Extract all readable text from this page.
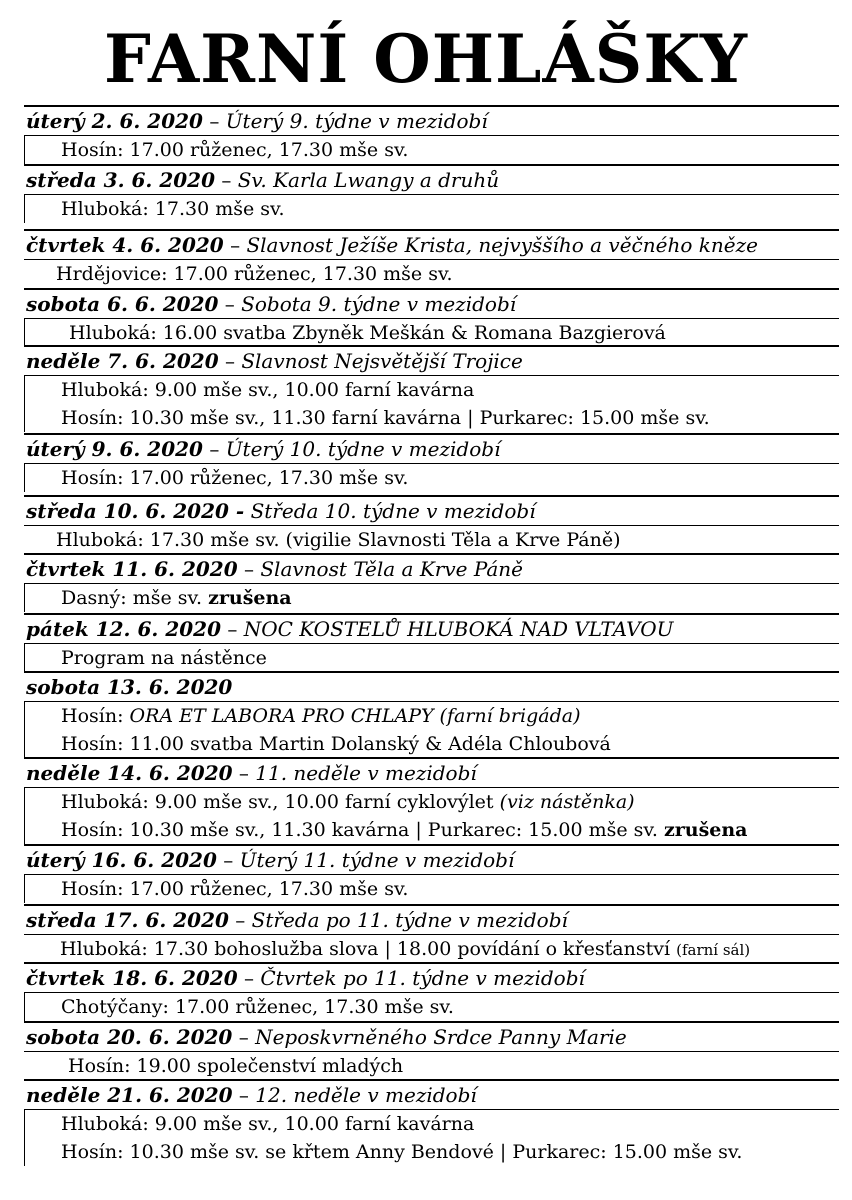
FARNÍ OHLÁŠKY
úterý 2. 6. 2020 – Úterý 9. týdne v mezidobí
Hosín: 17.00 růženec, 17.30 mše sv.
středa 3. 6. 2020 – Sv. Karla Lwangy a druhů
Hluboká: 17.30 mše sv.
čtvrtek 4. 6. 2020 – Slavnost Ježíše Krista, nejvyššího a věčného kněze
Hrdějovice: 17.00 růženec, 17.30 mše sv.
sobota 6. 6. 2020 – Sobota 9. týdne v mezidobí
Hluboká: 16.00 svatba Zbyněk Meškán & Romana Bazgierová
neděle 7. 6. 2020 – Slavnost Nejsvětější Trojice
Hluboká: 9.00 mše sv., 10.00 farní kavárna
Hosín: 10.30 mše sv., 11.30 farní kavárna | Purkarec: 15.00 mše sv.
úterý 9. 6. 2020 – Úterý 10. týdne v mezidobí
Hosín: 17.00 růženec, 17.30 mše sv.
středa 10. 6. 2020 - Středa 10. týdne v mezidobí
Hluboká: 17.30 mše sv. (vigilie Slavnosti Těla a Krve Páně)
čtvrtek 11. 6. 2020 – Slavnost Těla a Krve Páně
Dasný: mše sv. zrušena
pátek 12. 6. 2020 – NOC KOSTELŮ HLUBOKÁ NAD VLTAVOU
Program na nástěnce
sobota 13. 6. 2020
Hosín: ORA ET LABORA PRO CHLAPY (farní brigáda)
Hosín: 11.00 svatba Martin Dolanský & Adéla Chloubová
neděle 14. 6. 2020 – 11. neděle v mezidobí
Hluboká: 9.00 mše sv., 10.00 farní cyklovýlet (viz nástěnka)
Hosín: 10.30 mše sv., 11.30 kavárna | Purkarec: 15.00 mše sv. zrušena
úterý 16. 6. 2020 – Úterý 11. týdne v mezidobí
Hosín: 17.00 růženec, 17.30 mše sv.
středa 17. 6. 2020 – Středa po 11. týdne v mezidobí
Hluboká: 17.30 bohoslužba slova | 18.00 povídání o křesťanství (farní sál)
čtvrtek 18. 6. 2020 – Čtvrtek po 11. týdne v mezidobí
Chotýčany: 17.00 růženec, 17.30 mše sv.
sobota 20. 6. 2020 – Neposkvrněného Srdce Panny Marie
Hosín: 19.00 společenství mladých
neděle 21. 6. 2020 – 12. neděle v mezidobí
Hluboká: 9.00 mše sv., 10.00 farní kavárna
Hosín: 10.30 mše sv. se křtem Anny Bendové | Purkarec: 15.00 mše sv.
